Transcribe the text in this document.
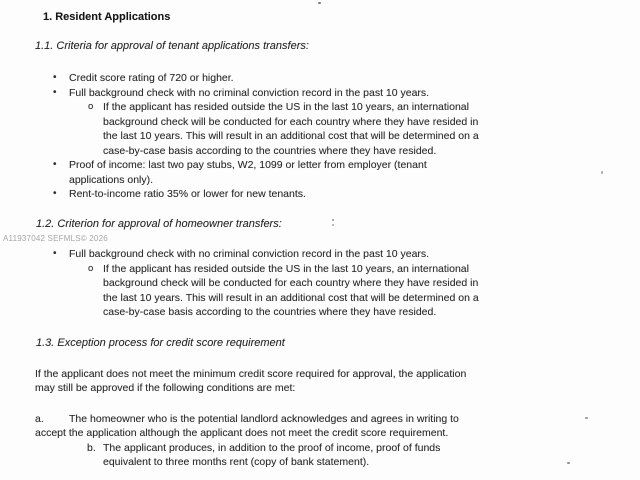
A11937042 SEFMLS© 2026
1. Resident Applications
1.1. Criteria for approval of tenant applications transfers:
•	Credit score rating of 720 or higher.
•	Full background check with no criminal conviction record in the past 10 years.
o If the applicant has resided outside the US in the last 10 years, an international
background check will be conducted for each country where they have resided in
the last 10 years. This will result in an additional cost that will be determined on a
case-by-case basis according to the countries where they have resided.
•	Proof of income: last two pay stubs, W2, 1099 or letter from employer (tenant
applications only).
•	Rent-to-income ratio 35% or lower for new tenants.
1.2. Criterion for approval of homeowner transfers:
•	Full background check with no criminal conviction record in the past 10 years.
o If the applicant has resided outside the US in the last 10 years, an international
background check will be conducted for each country where they have resided in
the last 10 years. This will result in an additional cost that will be determined on a
case-by-case basis according to the countries where they have resided.
1.3. Exception process for credit score requirement

If the applicant does not meet the minimum credit score required for approval, the application
may still be approved if the following conditions are met:

a. The homeowner who is the potential landlord acknowledges and agrees in writing to
accept the application although the applicant does not meet the credit score requirement.

b. The applicant produces, in addition to the proof of income, proof of funds
equivalent to three months rent (copy of bank statement).
